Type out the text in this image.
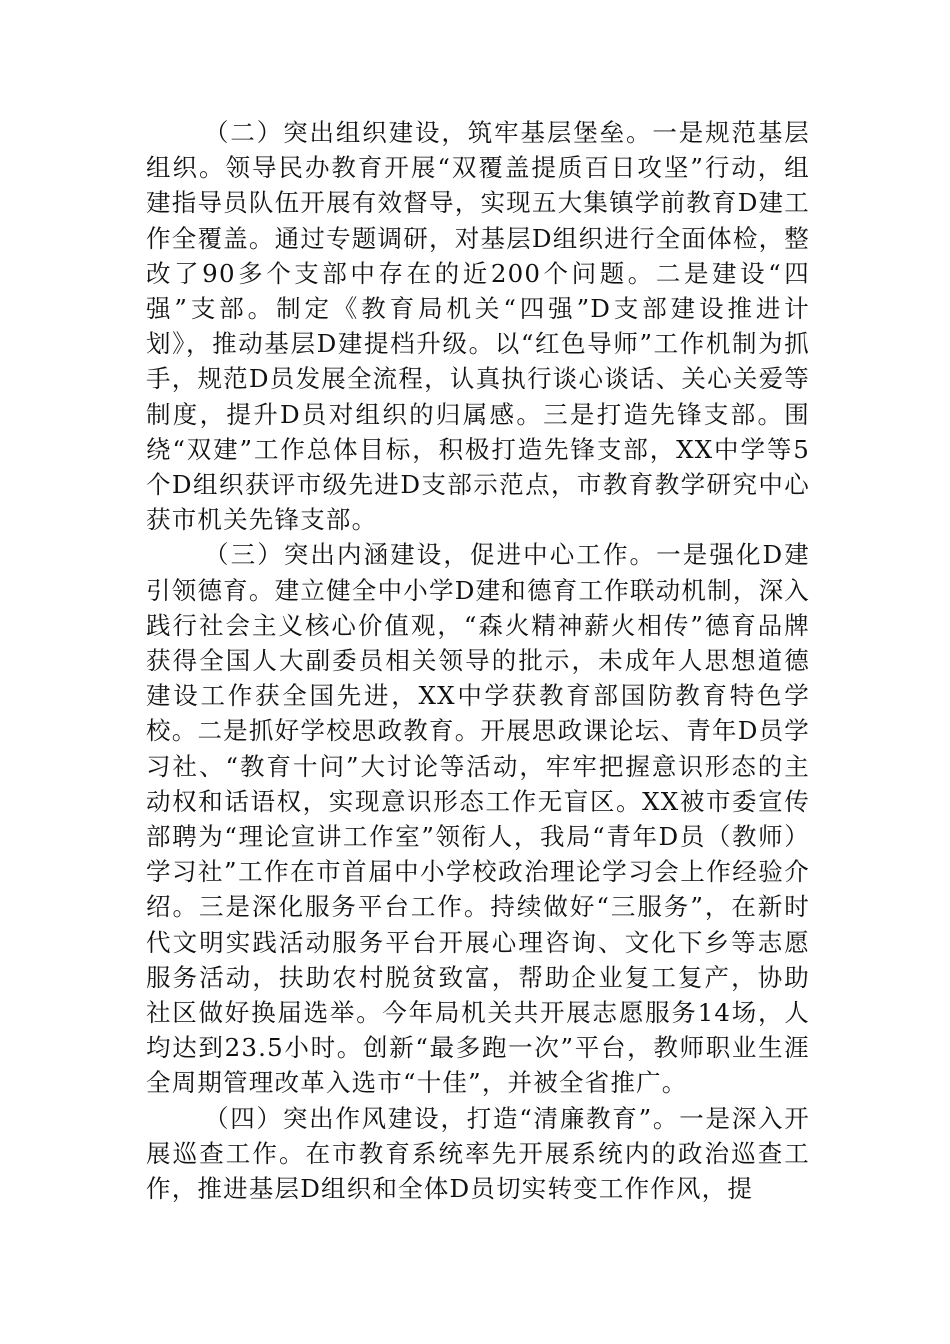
（二）突出组织建设，筑牢基层堡垒。一是规范基层组织。领导民办教育开展“双覆盖提质百日攻坚”行动，组建指导员队伍开展有效督导，实现五大集镇学前教育D建工作全覆盖。通过专题调研，对基层D组织进行全面体检，整改了90多个支部中存在的近200个问题。二是建设“四强”支部。制定《教育局机关“四强”D支部建设推进计划》，推动基层D建提档升级。以“红色导师”工作机制为抓手，规范D员发展全流程，认真执行谈心谈话、关心关爱等制度，提升D员对组织的归属感。三是打造先锋支部。围绕“双建”工作总体目标，积极打造先锋支部，XX中学等5个D组织获评市级先进D支部示范点，市教育教学研究中心获市机关先锋支部。

（三）突出内涵建设，促进中心工作。一是强化D建引领德育。建立健全中小学D建和德育工作联动机制，深入践行社会主义核心价值观，“森火精神薪火相传”德育品牌获得全国人大副委员相关领导的批示，未成年人思想道德建设工作获全国先进，XX中学获教育部国防教育特色学校。二是抓好学校思政教育。开展思政课论坛、青年D员学习社、“教育十问”大讨论等活动，牢牢把握意识形态的主动权和话语权，实现意识形态工作无盲区。XX被市委宣传部聘为“理论宣讲工作室”领衔人，我局“青年D员（教师）学习社”工作在市首届中小学校政治理论学习会上作经验介绍。三是深化服务平台工作。持续做好“三服务”，在新时代文明实践活动服务平台开展心理咨询、文化下乡等志愿服务活动，扶助农村脱贫致富，帮助企业复工复产，协助社区做好换届选举。今年局机关共开展志愿服务14场，人均达到23.5小时。创新“最多跑一次”平台，教师职业生涯全周期管理改革入选市“十佳”，并被全省推广。

（四）突出作风建设，打造“清廉教育”。一是深入开展巡查工作。在市教育系统率先开展系统内的政治巡查工作，推进基层D组织和全体D员切实转变工作作风，提
